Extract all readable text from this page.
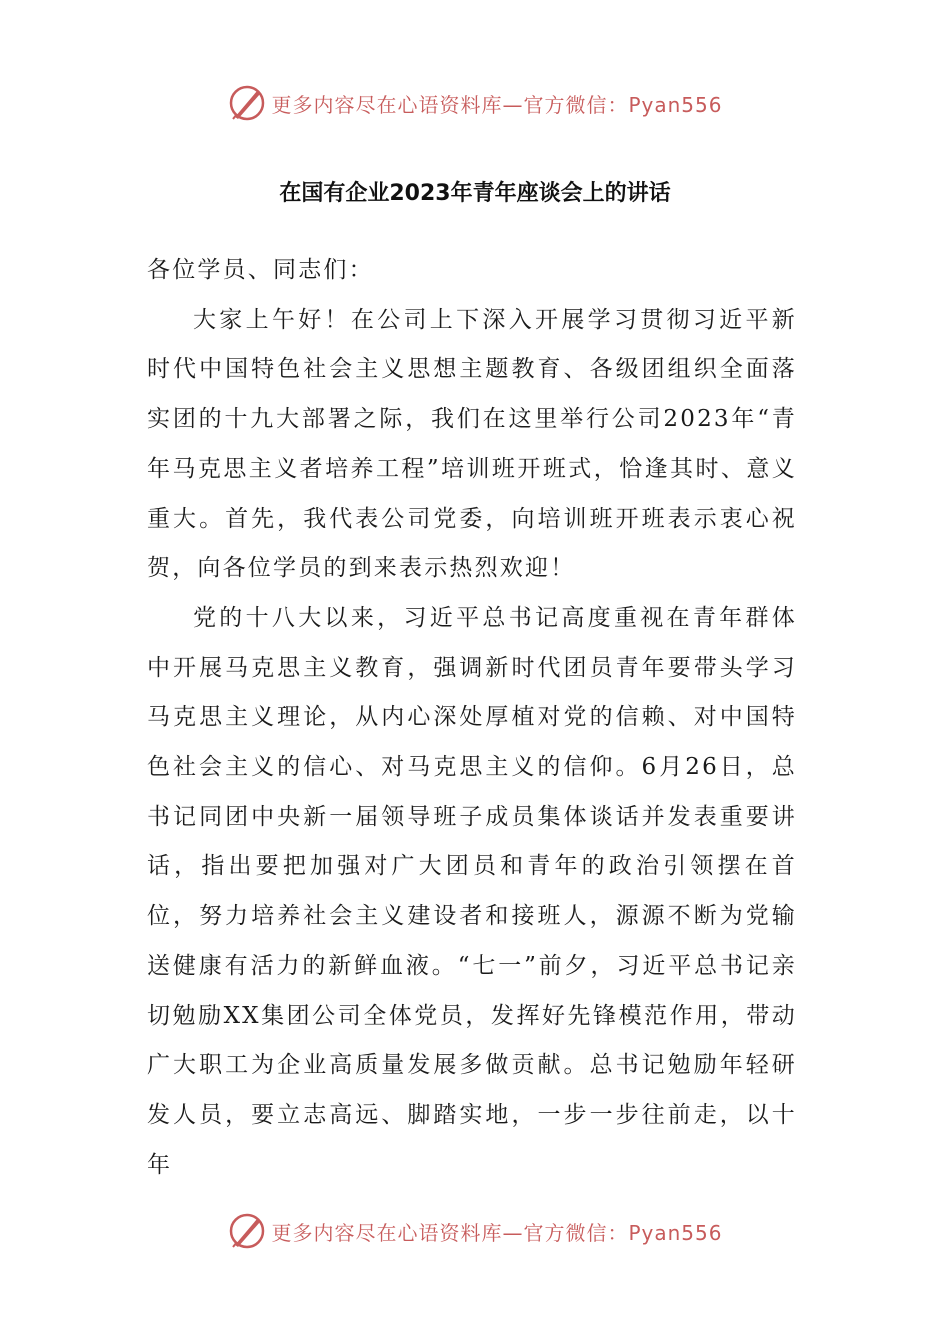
更多内容尽在心语资料库—官方微信：Pyan556
在国有企业2023年青年座谈会上的讲话

各位学员、同志们：

大家上午好！在公司上下深入开展学习贯彻习近平新时代中国特色社会主义思想主题教育、各级团组织全面落实团的十九大部署之际，我们在这里举行公司2023年“青年马克思主义者培养工程”培训班开班式，恰逢其时、意义重大。首先，我代表公司党委，向培训班开班表示衷心祝贺，向各位学员的到来表示热烈欢迎！

党的十八大以来，习近平总书记高度重视在青年群体中开展马克思主义教育，强调新时代团员青年要带头学习马克思主义理论，从内心深处厚植对党的信赖、对中国特色社会主义的信心、对马克思主义的信仰。6月26日，总书记同团中央新一届领导班子成员集体谈话并发表重要讲话，指出要把加强对广大团员和青年的政治引领摆在首位，努力培养社会主义建设者和接班人，源源不断为党输送健康有活力的新鲜血液。“七一”前夕，习近平总书记亲切勉励XX集团公司全体党员，发挥好先锋模范作用，带动广大职工为企业高质量发展多做贡献。总书记勉励年轻研发人员，要立志高远、脚踏实地，一步一步往前走，以十年

更多内容尽在心语资料库—官方微信：Pyan556
